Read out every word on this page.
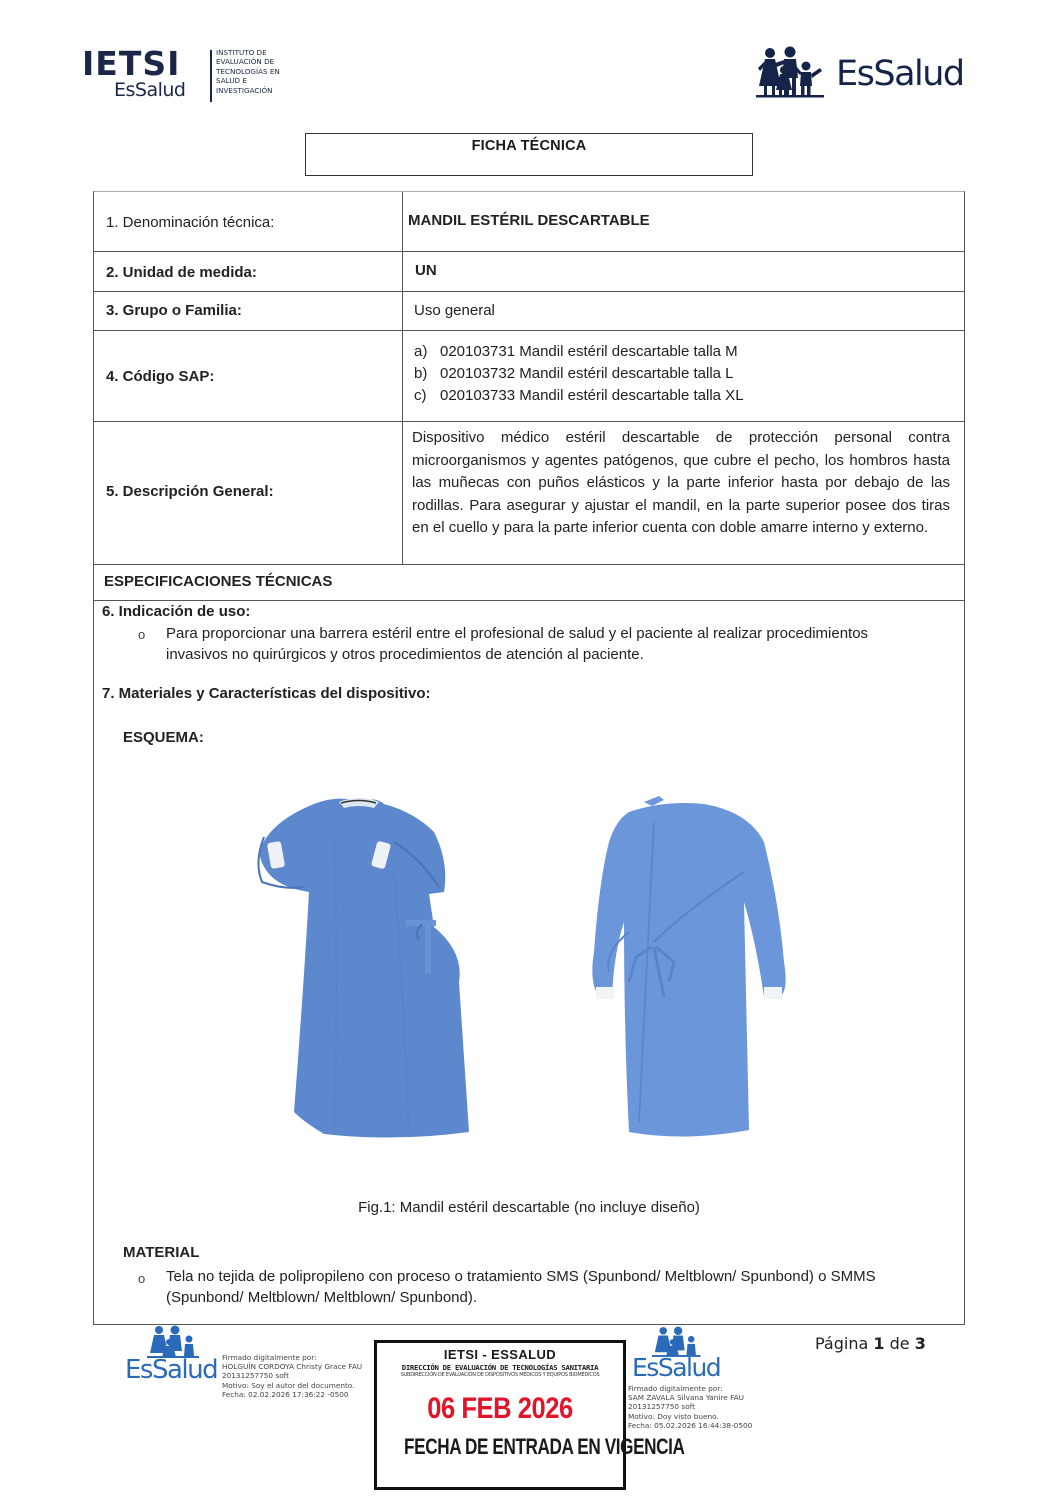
IETSI
EsSalud
INSTITUTO DE
EVALUACIÓN DE
TECNOLOGÍAS EN
SALUD E
INVESTIGACIÓN	EsSalud
FICHA TÉCNICA
1. Denominación técnica:	MANDIL ESTÉRIL DESCARTABLE
2. Unidad de medida:	UN
3. Grupo o Familia:	Uso general
4. Código SAP:
a) 020103731 Mandil estéril descartable talla M
b) 020103732 Mandil estéril descartable talla L
c) 020103733 Mandil estéril descartable talla XL
5. Descripción General:
Dispositivo médico estéril descartable de protección personal contra microorganismos y agentes patógenos, que cubre el pecho, los hombros hasta las muñecas con puños elásticos y la parte inferior hasta por debajo de las rodillas. Para asegurar y ajustar el mandil, en la parte superior posee dos tiras en el cuello y para la parte inferior cuenta con doble amarre interno y externo.
ESPECIFICACIONES TÉCNICAS
6. Indicación de uso:
o Para proporcionar una barrera estéril entre el profesional de salud y el paciente al realizar procedimientos
invasivos no quirúrgicos y otros procedimientos de atención al paciente.
7. Materiales y Características del dispositivo:
ESQUEMA:
Fig.1: Mandil estéril descartable (no incluye diseño)
MATERIAL
o Tela no tejida de polipropileno con proceso o tratamiento SMS (Spunbond/ Meltblown/ Spunbond) o SMMS
(Spunbond/ Meltblown/ Meltblown/ Spunbond).
EsSalud Firmado digitalmente por:
HOLGUÍN CORDOYA Christy Grace FAU
20131257750 soft
Motivo: Soy el autor del documento.
Fecha: 02.02.2026 17:36:22 -0500
IETSI - ESSALUD
DIRECCIÓN DE EVALUACIÓN DE TECNOLOGÍAS SANITARIA
SUBDIRECCIÓN DE EVALUACIÓN DE DISPOSITIVOS MÉDICOS Y EQUIPOS BIOMÉDICOS
06 FEB 2026
FECHA DE ENTRADA EN VIGENCIA
EsSalud
Firmado digitalmente por:
SAM ZAVALA Silvana Yanire FAU
20131257750 soft
Motivo: Doy visto bueno.
Fecha: 05.02.2026 16:44:38-0500
Página 1 de 3
